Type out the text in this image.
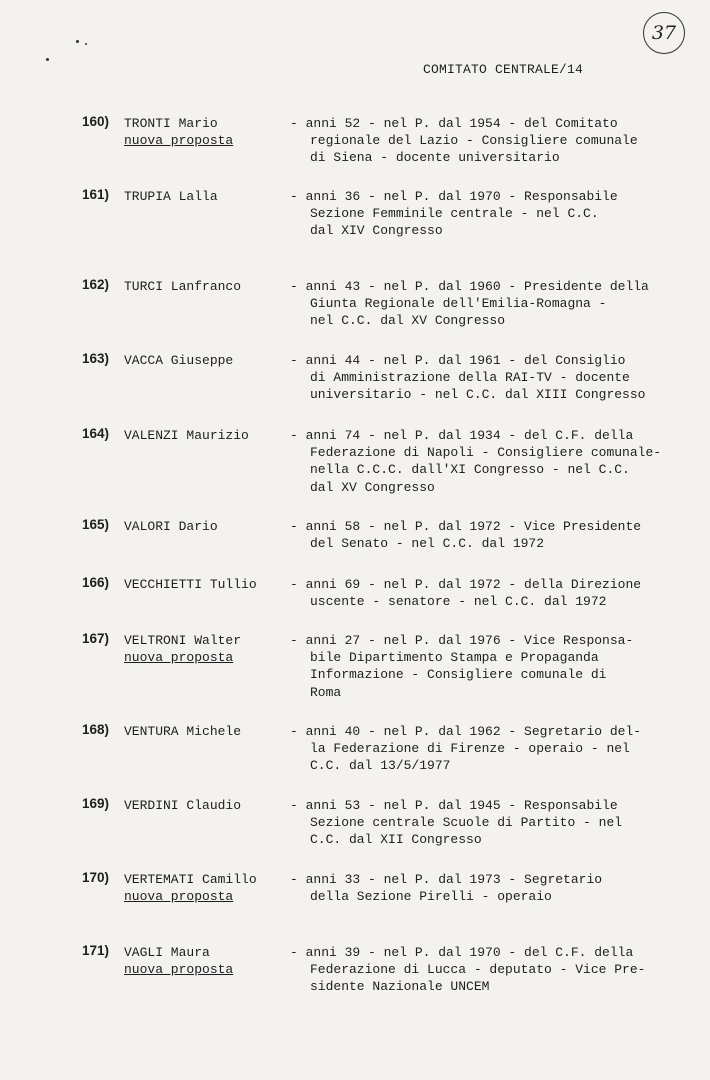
37
COMITATO CENTRALE/14
160)	TRONTI Mario
nuova proposta
- anni 52 - nel P. dal 1954 - del Comitato
regionale del Lazio - Consigliere comunale
di Siena - docente universitario
161)	TRUPIA Lalla	- anni 36 - nel P. dal 1970 - Responsabile
Sezione Femminile centrale - nel C.C.
dal XIV Congresso
162)	TURCI Lanfranco	- anni 43 - nel P. dal 1960 - Presidente della
Giunta Regionale dell'Emilia-Romagna -
nel C.C. dal XV Congresso
163)	VACCA Giuseppe	- anni 44 - nel P. dal 1961 - del Consiglio
di Amministrazione della RAI-TV - docente
universitario - nel C.C. dal XIII Congresso
164)	VALENZI Maurizio	- anni 74 - nel P. dal 1934 - del C.F. della
Federazione di Napoli - Consigliere comunale-
nella C.C.C. dall'XI Congresso - nel C.C.
dal XV Congresso
165)	VALORI Dario	- anni 58 - nel P. dal 1972 - Vice Presidente
del Senato - nel C.C. dal 1972
166)	VECCHIETTI Tullio	- anni 69 - nel P. dal 1972 - della Direzione
uscente - senatore - nel C.C. dal 1972
167)	VELTRONI Walter
nuova proposta
- anni 27 - nel P. dal 1976 - Vice Responsa-
bile Dipartimento Stampa e Propaganda
Informazione - Consigliere comunale di
Roma
168)	VENTURA Michele	- anni 40 - nel P. dal 1962 - Segretario del-
la Federazione di Firenze - operaio - nel
C.C. dal 13/5/1977
169)	VERDINI Claudio	- anni 53 - nel P. dal 1945 - Responsabile
Sezione centrale Scuole di Partito - nel
C.C. dal XII Congresso
170)	VERTEMATI Camillo
nuova proposta
- anni 33 - nel P. dal 1973 - Segretario
della Sezione Pirelli - operaio
171)	VAGLI Maura
nuova proposta
- anni 39 - nel P. dal 1970 - del C.F. della
Federazione di Lucca - deputato - Vice Pre-
sidente Nazionale UNCEM
